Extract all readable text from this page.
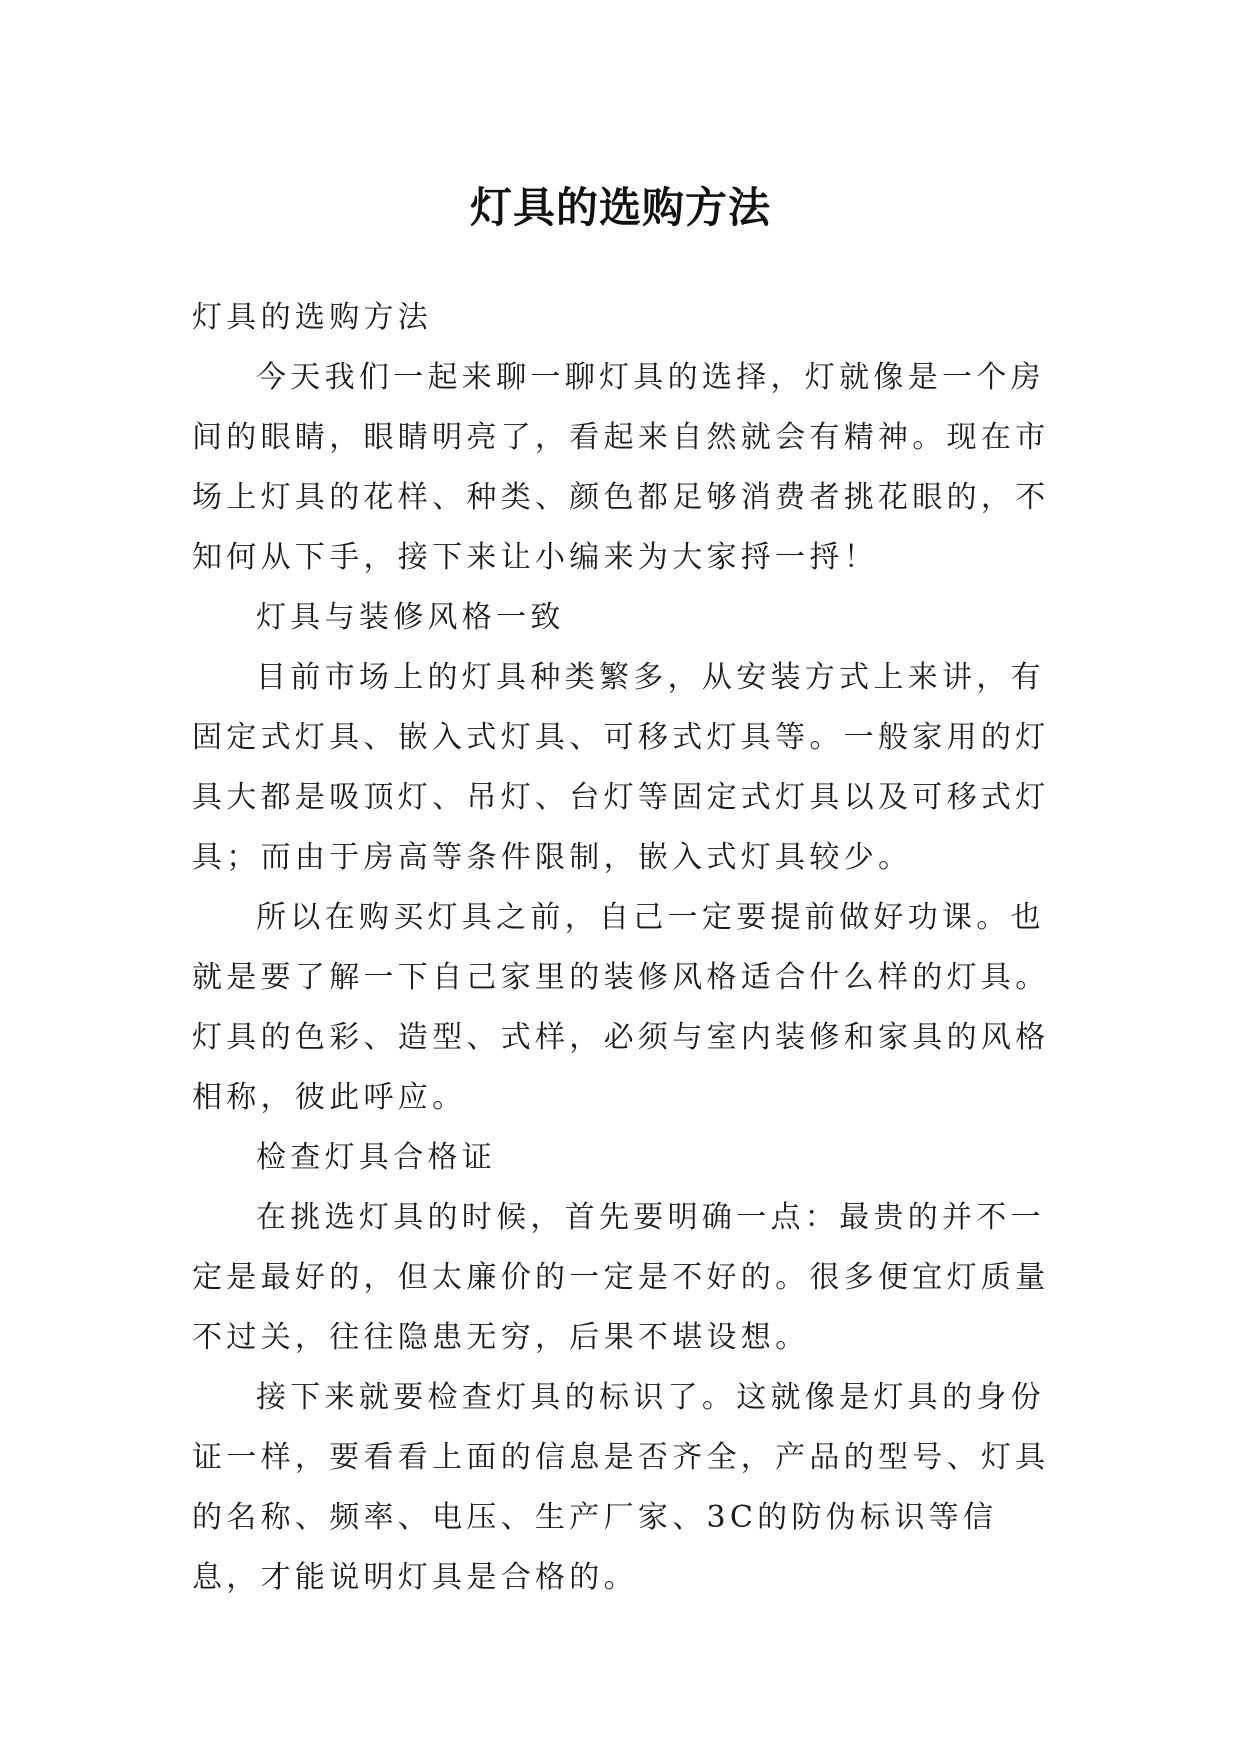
灯具的选购方法

灯具的选购方法

今天我们一起来聊一聊灯具的选择，灯就像是一个房间的眼睛，眼睛明亮了，看起来自然就会有精神。现在市场上灯具的花样、种类、颜色都足够消费者挑花眼的，不知何从下手，接下来让小编来为大家捋一捋！

灯具与装修风格一致

目前市场上的灯具种类繁多，从安装方式上来讲，有固定式灯具、嵌入式灯具、可移式灯具等。一般家用的灯具大都是吸顶灯、吊灯、台灯等固定式灯具以及可移式灯具；而由于房高等条件限制，嵌入式灯具较少。

所以在购买灯具之前，自己一定要提前做好功课。也就是要了解一下自己家里的装修风格适合什么样的灯具。灯具的色彩、造型、式样，必须与室内装修和家具的风格相称，彼此呼应。

检查灯具合格证

在挑选灯具的时候，首先要明确一点：最贵的并不一定是最好的，但太廉价的一定是不好的。很多便宜灯质量不过关，往往隐患无穷，后果不堪设想。

接下来就要检查灯具的标识了。这就像是灯具的身份证一样，要看看上面的信息是否齐全，产品的型号、灯具的名称、频率、电压、生产厂家、3C的防伪标识等信息，才能说明灯具是合格的。
